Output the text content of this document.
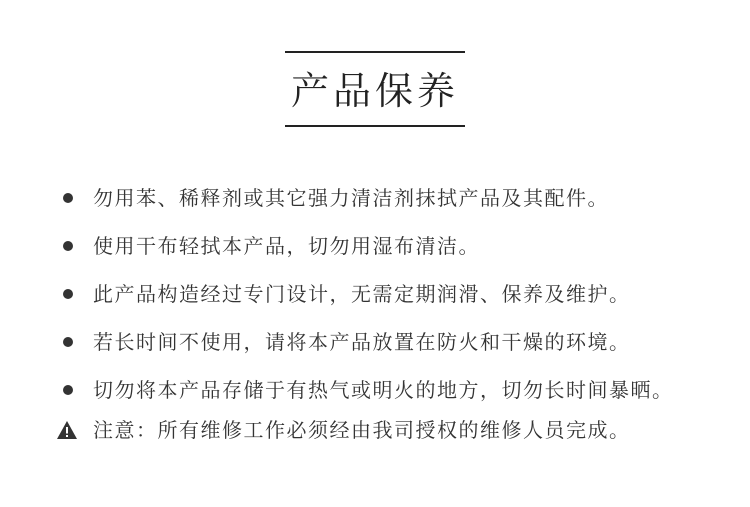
产品保养
勿用苯、稀释剂或其它强力清洁剂抹拭产品及其配件。
使用干布轻拭本产品，切勿用湿布清洁。
此产品构造经过专门设计，无需定期润滑、保养及维护。
若长时间不使用，请将本产品放置在防火和干燥的环境。
切勿将本产品存储于有热气或明火的地方，切勿长时间暴晒。
注意：所有维修工作必须经由我司授权的维修人员完成。
